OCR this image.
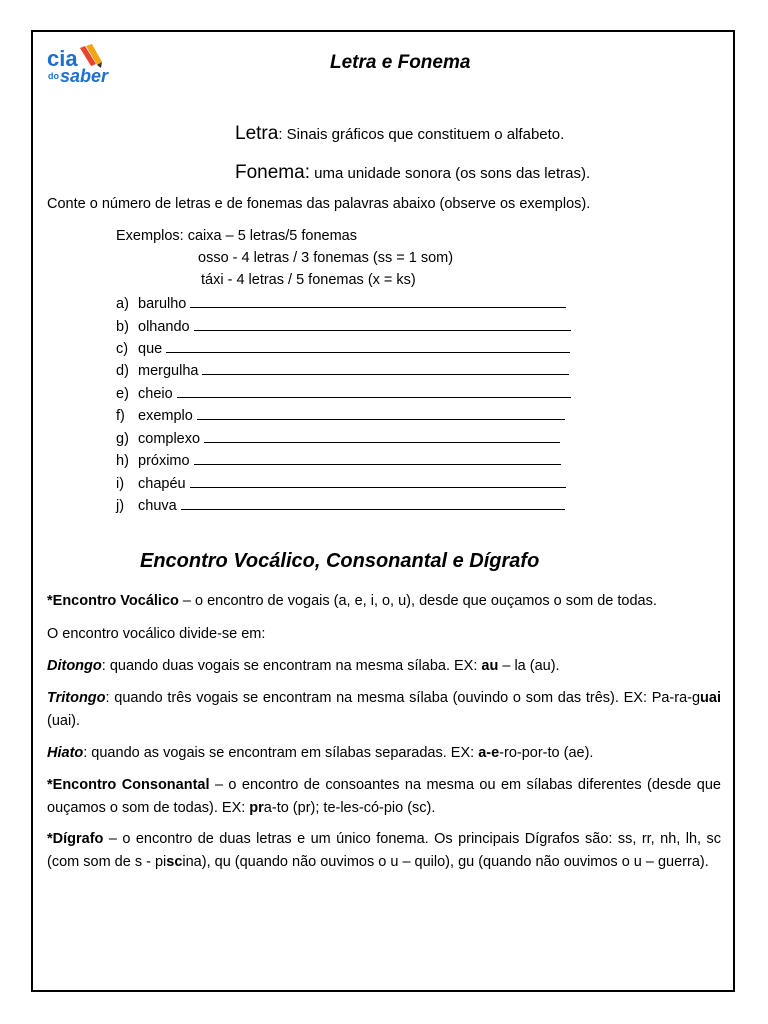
cia
do saber
Letra e Fonema
Letra: Sinais gráficos que constituem o alfabeto.
Fonema: uma unidade sonora (os sons das letras).
Conte o número de letras e de fonemas das palavras abaixo (observe os exemplos).
Exemplos: caixa – 5 letras/5 fonemas
osso - 4 letras / 3 fonemas (ss = 1 som)
táxi - 4 letras / 5 fonemas (x = ks)
a) barulho
b) olhando
c) que
d) mergulha
e) cheio
f) exemplo
g) complexo
h) próximo
i) chapéu
j) chuva
Encontro Vocálico, Consonantal e Dígrafo
*Encontro Vocálico – o encontro de vogais (a, e, i, o, u), desde que ouçamos o som de todas.
O encontro vocálico divide-se em:
Ditongo: quando duas vogais se encontram na mesma sílaba. EX: au – la (au).
Tritongo: quando três vogais se encontram na mesma sílaba (ouvindo o som das três). EX: Pa-ra-guai (uai).
Hiato: quando as vogais se encontram em sílabas separadas. EX: a-e-ro-por-to (ae).
*Encontro Consonantal – o encontro de consoantes na mesma ou em sílabas diferentes (desde que ouçamos o som de todas). EX: pra-to (pr); te-les-có-pio (sc).
*Dígrafo – o encontro de duas letras e um único fonema. Os principais Dígrafos são: ss, rr, nh, lh, sc (com som de s - piscina), qu (quando não ouvimos o u – quilo), gu (quando não ouvimos o u – guerra).
